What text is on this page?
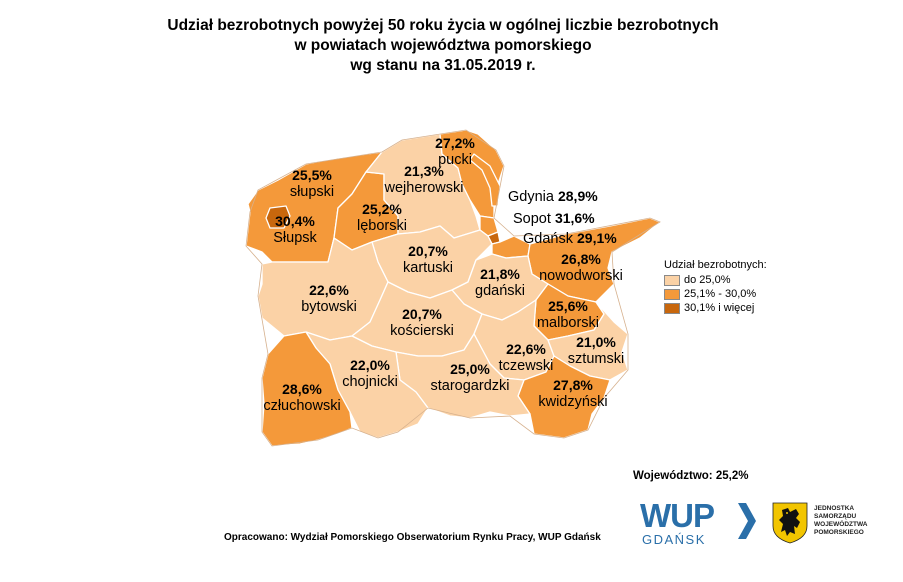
Udział bezrobotnych powyżej 50 roku życia w ogólnej liczbie bezrobotnych
w powiatach województwa pomorskiego
wg stanu na 31.05.2019 r.
27,2%
pucki
25,5%
słupski
21,3%
wejherowski
30,4%
Słupsk
25,2%
lęborski
20,7%
kartuski
26,8%
nowodworski
22,6%
bytowski
21,8%
gdański
25,6%
malborski
20,7%
kościerski
21,0%
sztumski
22,6%
tczewski
28,6%
człuchowski
22,0%
chojnicki
25,0%
starogardzki	27,8%
kwidzyński
Gdynia 28,9%
Sopot 31,6%
Gdańsk 29,1%
Udział bezrobotnych:
do 25,0%
25,1% - 30,0%
30,1% i więcej
Województwo: 25,2%
Opracowano: Wydział Pomorskiego Obserwatorium Rynku Pracy, WUP Gdańsk
WUP
GDAŃSK
JEDNOSTKA
SAMORZĄDU
WOJEWÓDZTWA
POMORSKIEGO
